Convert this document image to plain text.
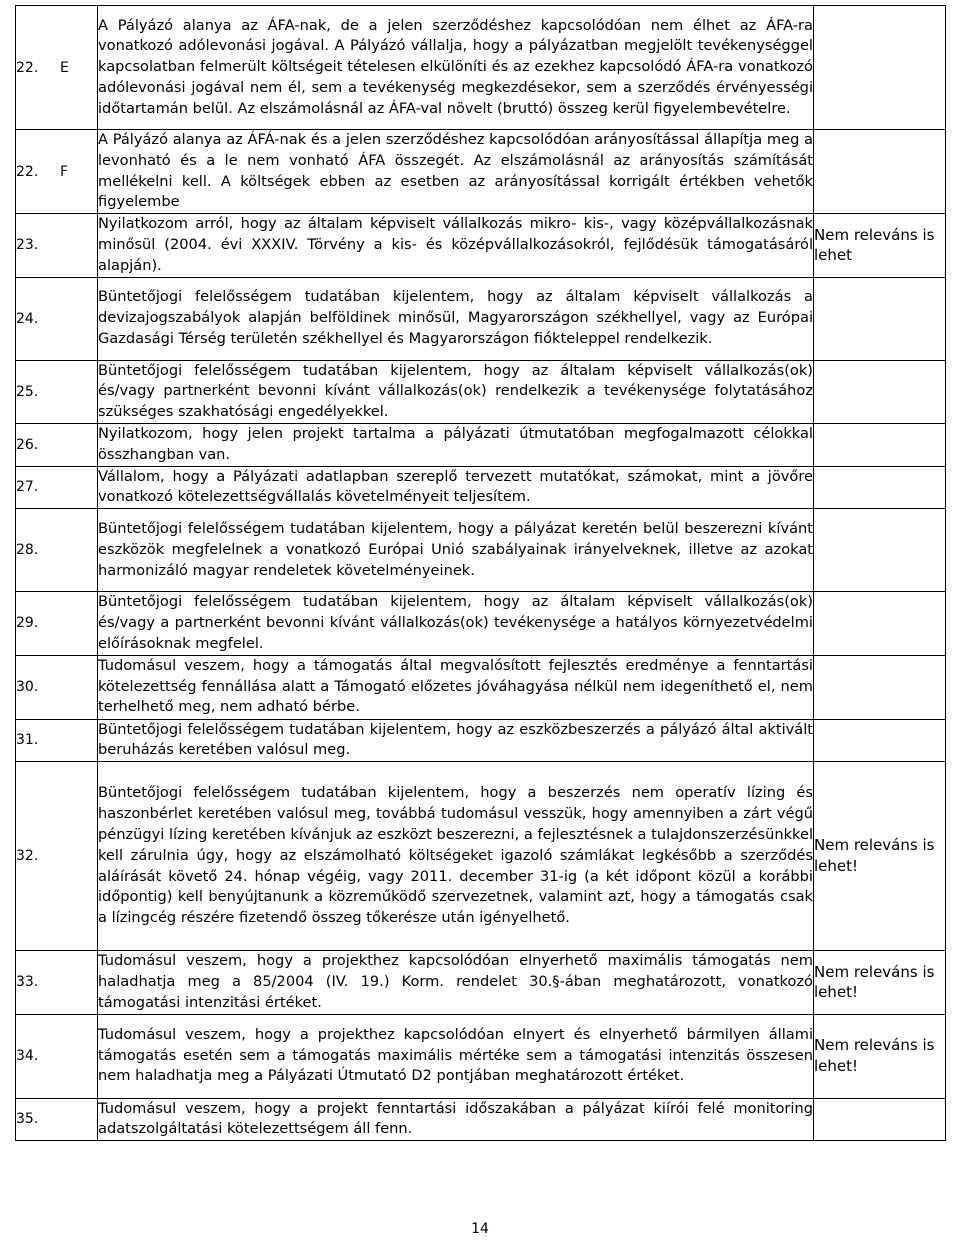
22. E	A Pályázó alanya az ÁFA-nak, de a jelen szerződéshez kapcsolódóan nem élhet az ÁFA-ra vonatkozó adólevonási jogával. A Pályázó vállalja, hogy a pályázatban megjelölt tevékenységgel kapcsolatban felmerült költségeit tételesen elkülöníti és az ezekhez kapcsolódó ÁFA-ra vonatkozó adólevonási jogával nem él, sem a tevékenység megkezdésekor, sem a szerződés érvényességi időtartamán belül. Az elszámolásnál az ÁFA-val növelt (bruttó) összeg kerül figyelembevételre.	
22. F	A Pályázó alanya az ÁFÁ-nak és a jelen szerződéshez kapcsolódóan arányosítással állapítja meg a levonható és a le nem vonható ÁFA összegét. Az elszámolásnál az arányosítás számítását mellékelni kell. A költségek ebben az esetben az arányosítással korrigált értékben vehetők figyelembe	
23.	Nyilatkozom arról, hogy az általam képviselt vállalkozás mikro- kis-, vagy középvállalkozásnak minősül (2004. évi XXXIV. Törvény a kis- és középvállalkozásokról, fejlődésük támogatásáról alapján).	Nem releváns is lehet
24.	Büntetőjogi felelősségem tudatában kijelentem, hogy az általam képviselt vállalkozás a devizajogszabályok alapján belföldinek minősül, Magyarországon székhellyel, vagy az Európai Gazdasági Térség területén székhellyel és Magyarországon fiókteleppel rendelkezik.	
25.	Büntetőjogi felelősségem tudatában kijelentem, hogy az általam képviselt vállalkozás(ok) és/vagy partnerként bevonni kívánt vállalkozás(ok) rendelkezik a tevékenysége folytatásához szükséges szakhatósági engedélyekkel.	
26.	Nyilatkozom, hogy jelen projekt tartalma a pályázati útmutatóban megfogalmazott célokkal összhangban van.	
27.	Vállalom, hogy a Pályázati adatlapban szereplő tervezett mutatókat, számokat, mint a jövőre vonatkozó kötelezettségvállalás követelményeit teljesítem.	
28.	Büntetőjogi felelősségem tudatában kijelentem, hogy a pályázat keretén belül beszerezni kívánt eszközök megfelelnek a vonatkozó Európai Unió szabályainak irányelveknek, illetve az azokat harmonizáló magyar rendeletek követelményeinek.	
29.	Büntetőjogi felelősségem tudatában kijelentem, hogy az általam képviselt vállalkozás(ok) és/vagy a partnerként bevonni kívánt vállalkozás(ok) tevékenysége a hatályos környezetvédelmi előírásoknak megfelel.	
30.	Tudomásul veszem, hogy a támogatás által megvalósított fejlesztés eredménye a fenntartási kötelezettség fennállása alatt a Támogató előzetes jóváhagyása nélkül nem idegeníthető el, nem terhelhető meg, nem adható bérbe.	
31.	Büntetőjogi felelősségem tudatában kijelentem, hogy az eszközbeszerzés a pályázó által aktivált beruházás keretében valósul meg.	
32.	Büntetőjogi felelősségem tudatában kijelentem, hogy a beszerzés nem operatív lízing és haszonbérlet keretében valósul meg, továbbá tudomásul vesszük, hogy amennyiben a zárt végű pénzügyi lízing keretében kívánjuk az eszközt beszerezni, a fejlesztésnek a tulajdonszerzésünkkel kell zárulnia úgy, hogy az elszámolható költségeket igazoló számlákat legkésőbb a szerződés aláírását követő 24. hónap végéig, vagy 2011. december 31-ig (a két időpont közül a korábbi időpontig) kell benyújtanunk a közreműködő szervezetnek, valamint azt, hogy a támogatás csak a lízingcég részére fizetendő összeg tőkerésze után igényelhető.	Nem releváns is lehet!
33.	Tudomásul veszem, hogy a projekthez kapcsolódóan elnyerhető maximális támogatás nem haladhatja meg a 85/2004 (IV. 19.) Korm. rendelet 30.§-ában meghatározott, vonatkozó támogatási intenzitási értéket.	Nem releváns is lehet!
34.	Tudomásul veszem, hogy a projekthez kapcsolódóan elnyert és elnyerhető bármilyen állami támogatás esetén sem a támogatás maximális mértéke sem a támogatási intenzitás összesen nem haladhatja meg a Pályázati Útmutató D2 pontjában meghatározott értéket.	Nem releváns is lehet!
35.	Tudomásul veszem, hogy a projekt fenntartási időszakában a pályázat kiírói felé monitoring adatszolgáltatási kötelezettségem áll fenn.	
14
